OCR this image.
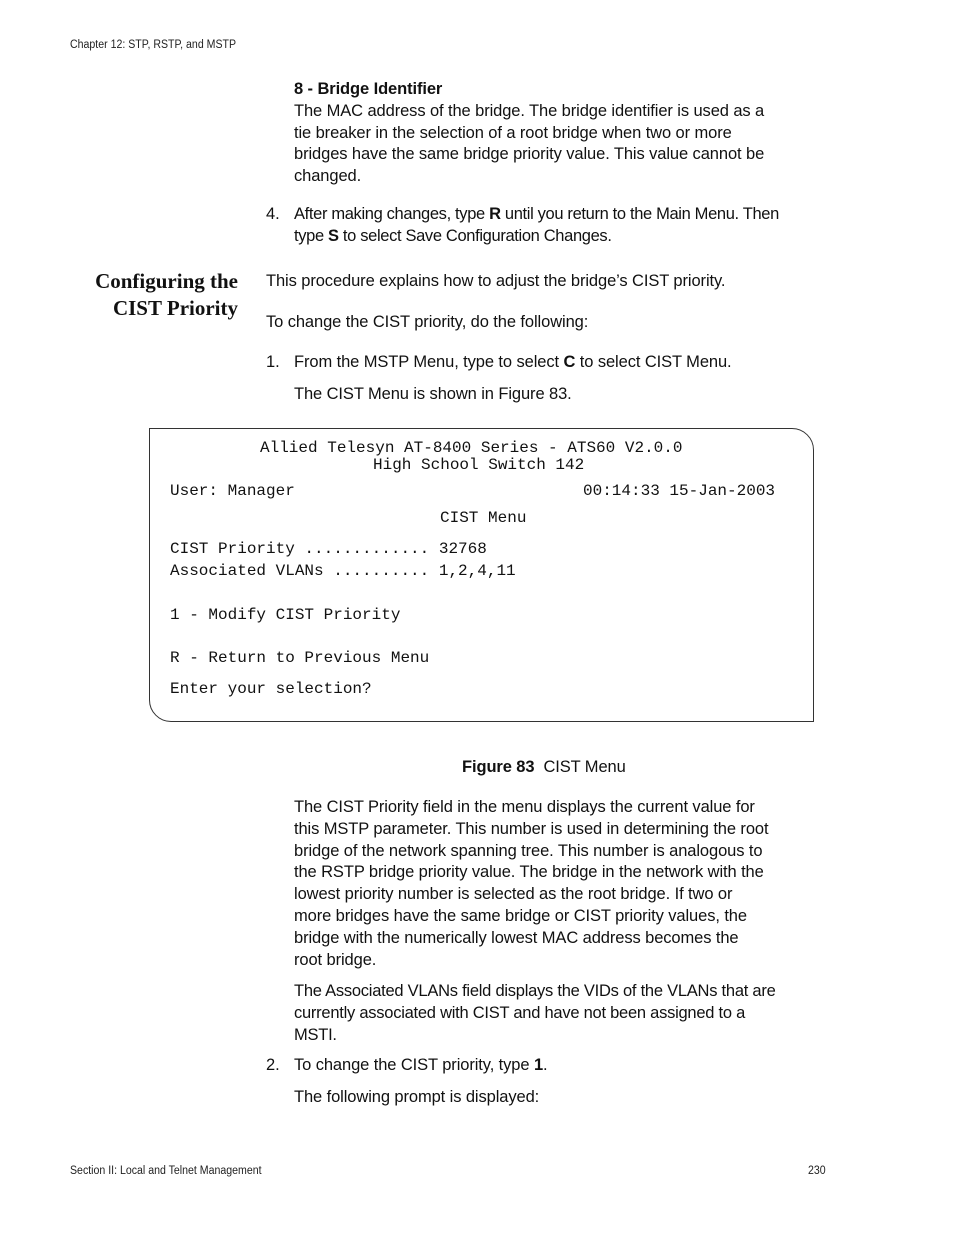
Chapter 12: STP, RSTP, and MSTP

8 - Bridge Identifier

The MAC address of the bridge. The bridge identifier is used as a

tie breaker in the selection of a root bridge when two or more

bridges have the same bridge priority value. This value cannot be

changed.

4. After making changes, type R until you return to the Main Menu. Then

type S to select Save Configuration Changes.

Configuring the
CIST Priority
This procedure explains how to adjust the bridge’s CIST priority.
To change the CIST priority, do the following:
1. From the MSTP Menu, type to select C to select CIST Menu.
The CIST Menu is shown in Figure 83.
Allied Telesyn AT-8400 Series - ATS60 V2.0.0
High School Switch 142
User: Manager	00:14:33 15-Jan-2003
CIST Menu
CIST Priority ............. 32768
Associated VLANs .......... 1,2,4,11
1 - Modify CIST Priority
R - Return to Previous Menu
Enter your selection?
Figure 83 CIST Menu

The CIST Priority field in the menu displays the current value for

this MSTP parameter. This number is used in determining the root

bridge of the network spanning tree. This number is analogous to

the RSTP bridge priority value. The bridge in the network with the

lowest priority number is selected as the root bridge. If two or

more bridges have the same bridge or CIST priority values, the

bridge with the numerically lowest MAC address becomes the

root bridge.

The Associated VLANs field displays the VIDs of the VLANs that are

currently associated with CIST and have not been assigned to a

MSTI.

2. To change the CIST priority, type 1.
The following prompt is displayed:
Section II: Local and Telnet Management	230
